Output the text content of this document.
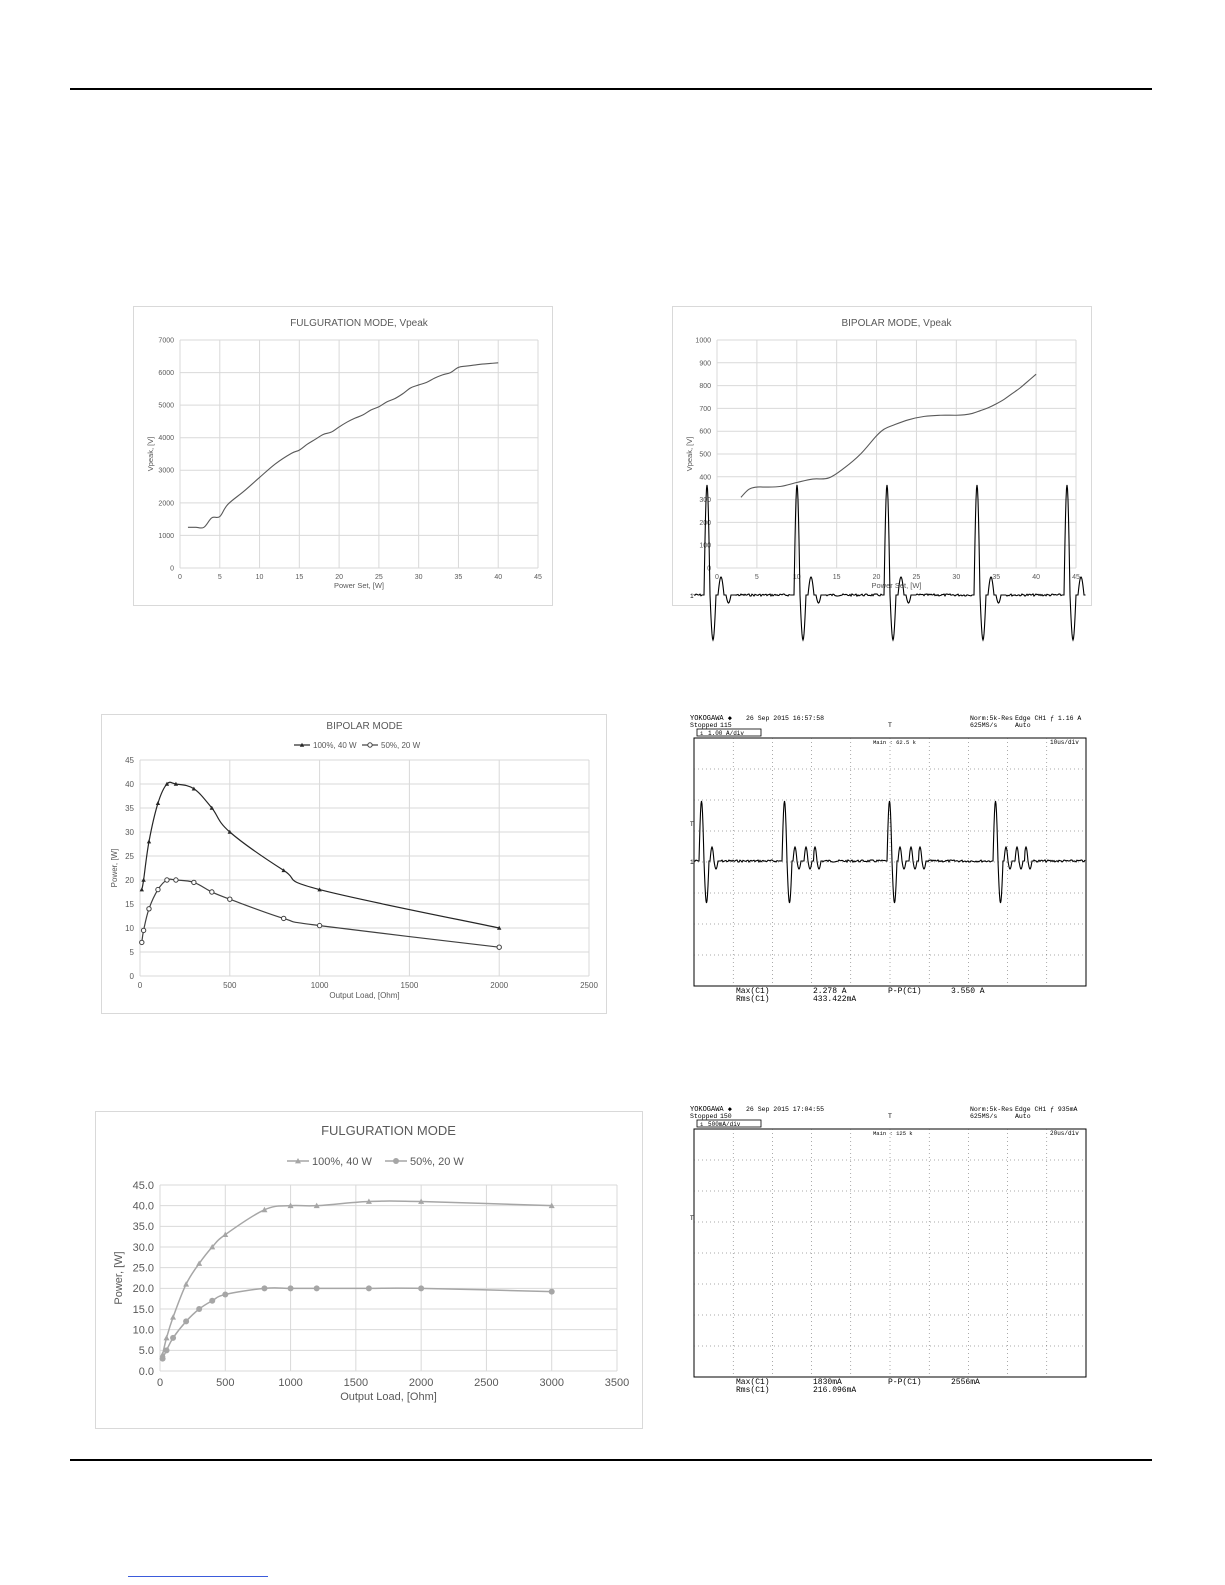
0	5	10	15	20	25	30	35	40	45
0
1000
2000
3000
4000
5000
6000
7000
FULGURATION MODE, Vpeak
Power Set, [W]
Vpeak, [V]
0	5	10	15	20	25	30	35	40	45
0
100
200
300
400
500
600
700
800
900
1000
BIPOLAR MODE, Vpeak
Power Set, [W]
Vpeak, [V]
0	500	1000	1500	2000	2500
0
5
10
15
20
25
30
35
40
45
BIPOLAR MODE
Output Load, [Ohm]
Power, [W]
100%, 40 W	50%, 20 W
0	500	1000	1500	2000	2500	3000	3500
0.0
5.0
10.0
15.0
20.0
25.0
30.0
35.0
40.0
45.0
FULGURATION MODE
Output Load, [Ohm]
Power, [W]
100%, 40 W	50%, 20 W
YOKOGAWA ◆ 26 Sep 2015 16:57:58
Stopped 115	T
Norm:5k-Res
625MS/s
Edge CH1 ƒ 1.16 A
Auto
1 1.00 A/div
Main : 62.5 k	10us/div
T
1
Max(C1)	2.278 A	P-P(C1)	3.550 A
Rms(C1)	433.422mA
YOKOGAWA ◆ 26 Sep 2015 17:04:55
Stopped 150	T
Norm:5k-Res
625MS/s
Edge CH1 ƒ 935mA
Auto
1 500mA/div
Main : 125 k	20us/div
T
1
Max(C1)	1830mA	P-P(C1)	2556mA
Rms(C1)	216.096mA
